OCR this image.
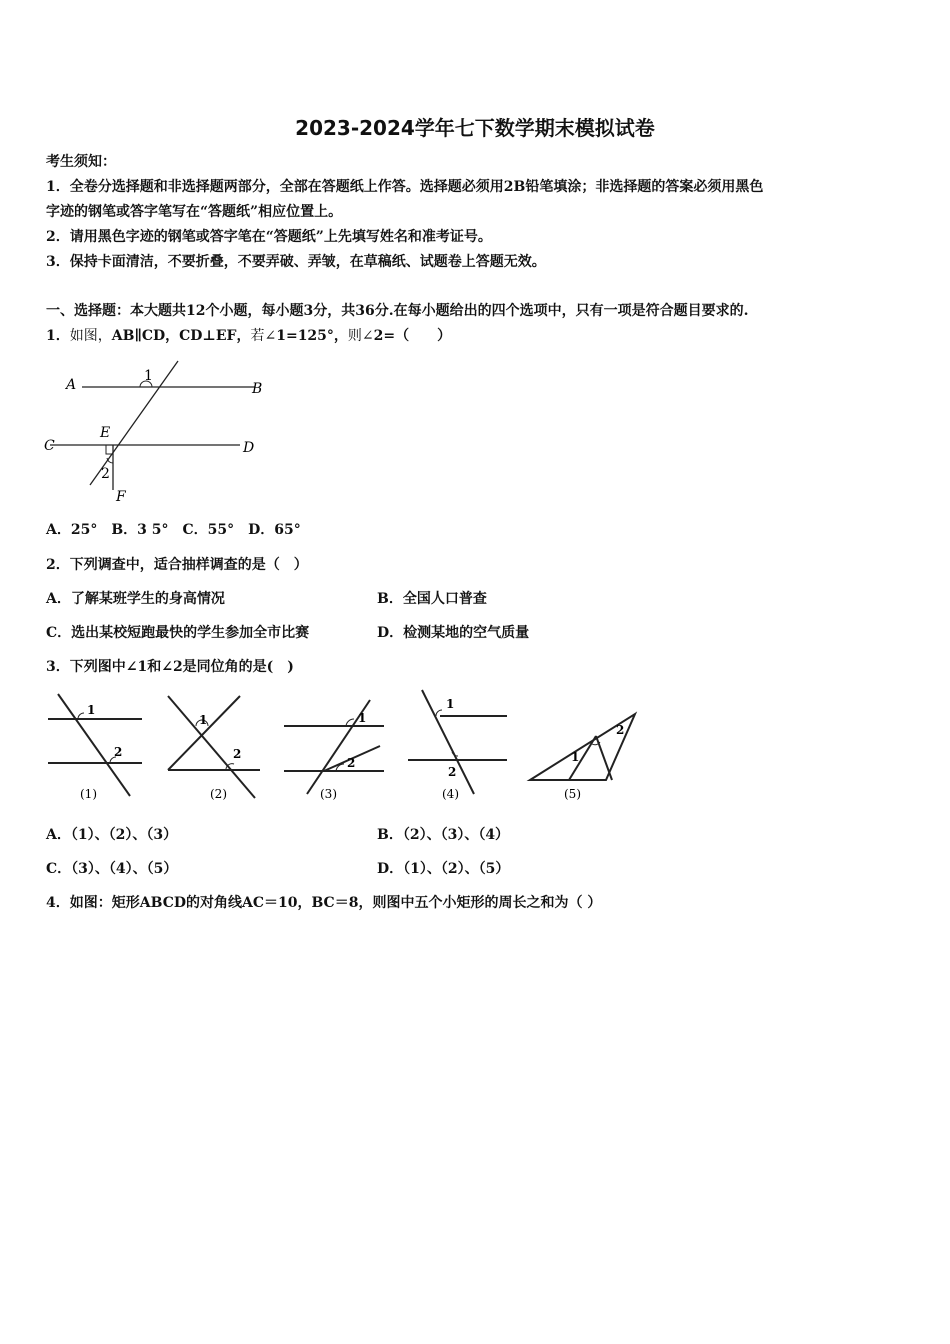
2023-2024学年七下数学期末模拟试卷
考生须知：
1．全卷分选择题和非选择题两部分，全部在答题纸上作答。选择题必须用2B铅笔填涂；非选择题的答案必须用黑色
字迹的钢笔或答字笔写在“答题纸”相应位置上。
2．请用黑色字迹的钢笔或答字笔在“答题纸”上先填写姓名和准考证号。
3．保持卡面清洁，不要折叠，不要弄破、弄皱，在草稿纸、试题卷上答题无效。
一、选择题：本大题共12个小题，每小题3分，共36分.在每小题给出的四个选项中，只有一项是符合题目要求的.
1．如图，AB∥CD，CD⊥EF，若∠1=125°，则∠2=（　　）
A	B
C	D
E
F
1
2
A．25°　B．3 5°　C．55°　D．65°
2．下列调查中，适合抽样调查的是（　）
A．了解某班学生的身高情况	B．全国人口普查
C．选出某校短跑最快的学生参加全市比赛	D．检测某地的空气质量
3．下列图中∠1和∠2是同位角的是(　)
1
2
(1)
1
2
(2)
1
2
(3)
1
2
(4)
1
2
(5)
A．（1）、（2）、（3）	B．（2）、（3）、（4）
C．（3）、（4）、（5）	D．（1）、（2）、（5）
4．如图：矩形ABCD的对角线AC＝10，BC＝8，则图中五个小矩形的周长之和为（ ）
